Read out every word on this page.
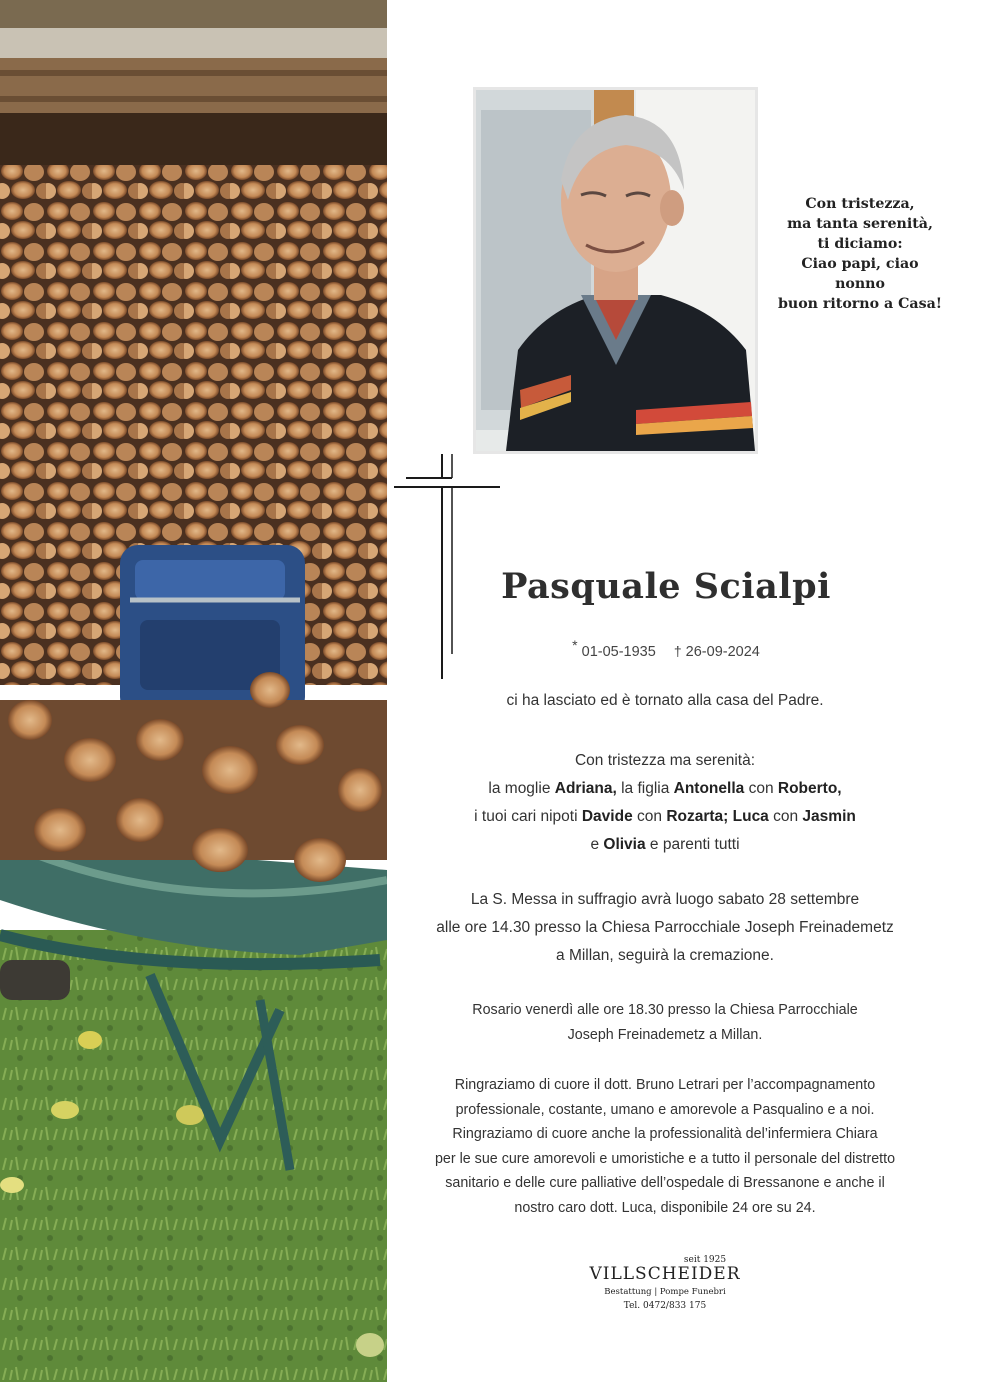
Con tristezza,
ma tanta serenità,
ti diciamo:
Ciao papi, ciao
nonno
buon ritorno a Casa!
Pasquale Scialpi
* 01-05-1935 † 26-09-2024
ci ha lasciato ed è tornato alla casa del Padre.
Con tristezza ma serenità:
la moglie Adriana, la figlia Antonella con Roberto,
i tuoi cari nipoti Davide con Rozarta; Luca con Jasmin
e Olivia e parenti tutti
La S. Messa in suffragio avrà luogo sabato 28 settembre
alle ore 14.30 presso la Chiesa Parrocchiale Joseph Freinademetz
a Millan, seguirà la cremazione.
Rosario venerdì alle ore 18.30 presso la Chiesa Parrocchiale
Joseph Freinademetz a Millan.
Ringraziamo di cuore il dott. Bruno Letrari per l’accompagnamento
professionale, costante, umano e amorevole a Pasqualino e a noi.
Ringraziamo di cuore anche la professionalità del’infermiera Chiara
per le sue cure amorevoli e umoristiche e a tutto il personale del distretto
sanitario e delle cure palliative dell’ospedale di Bressanone e anche il
nostro caro dott. Luca, disponibile 24 ore su 24.
seit 1925
VILLSCHEIDER
Bestattung | Pompe Funebri
Tel. 0472/833 175
